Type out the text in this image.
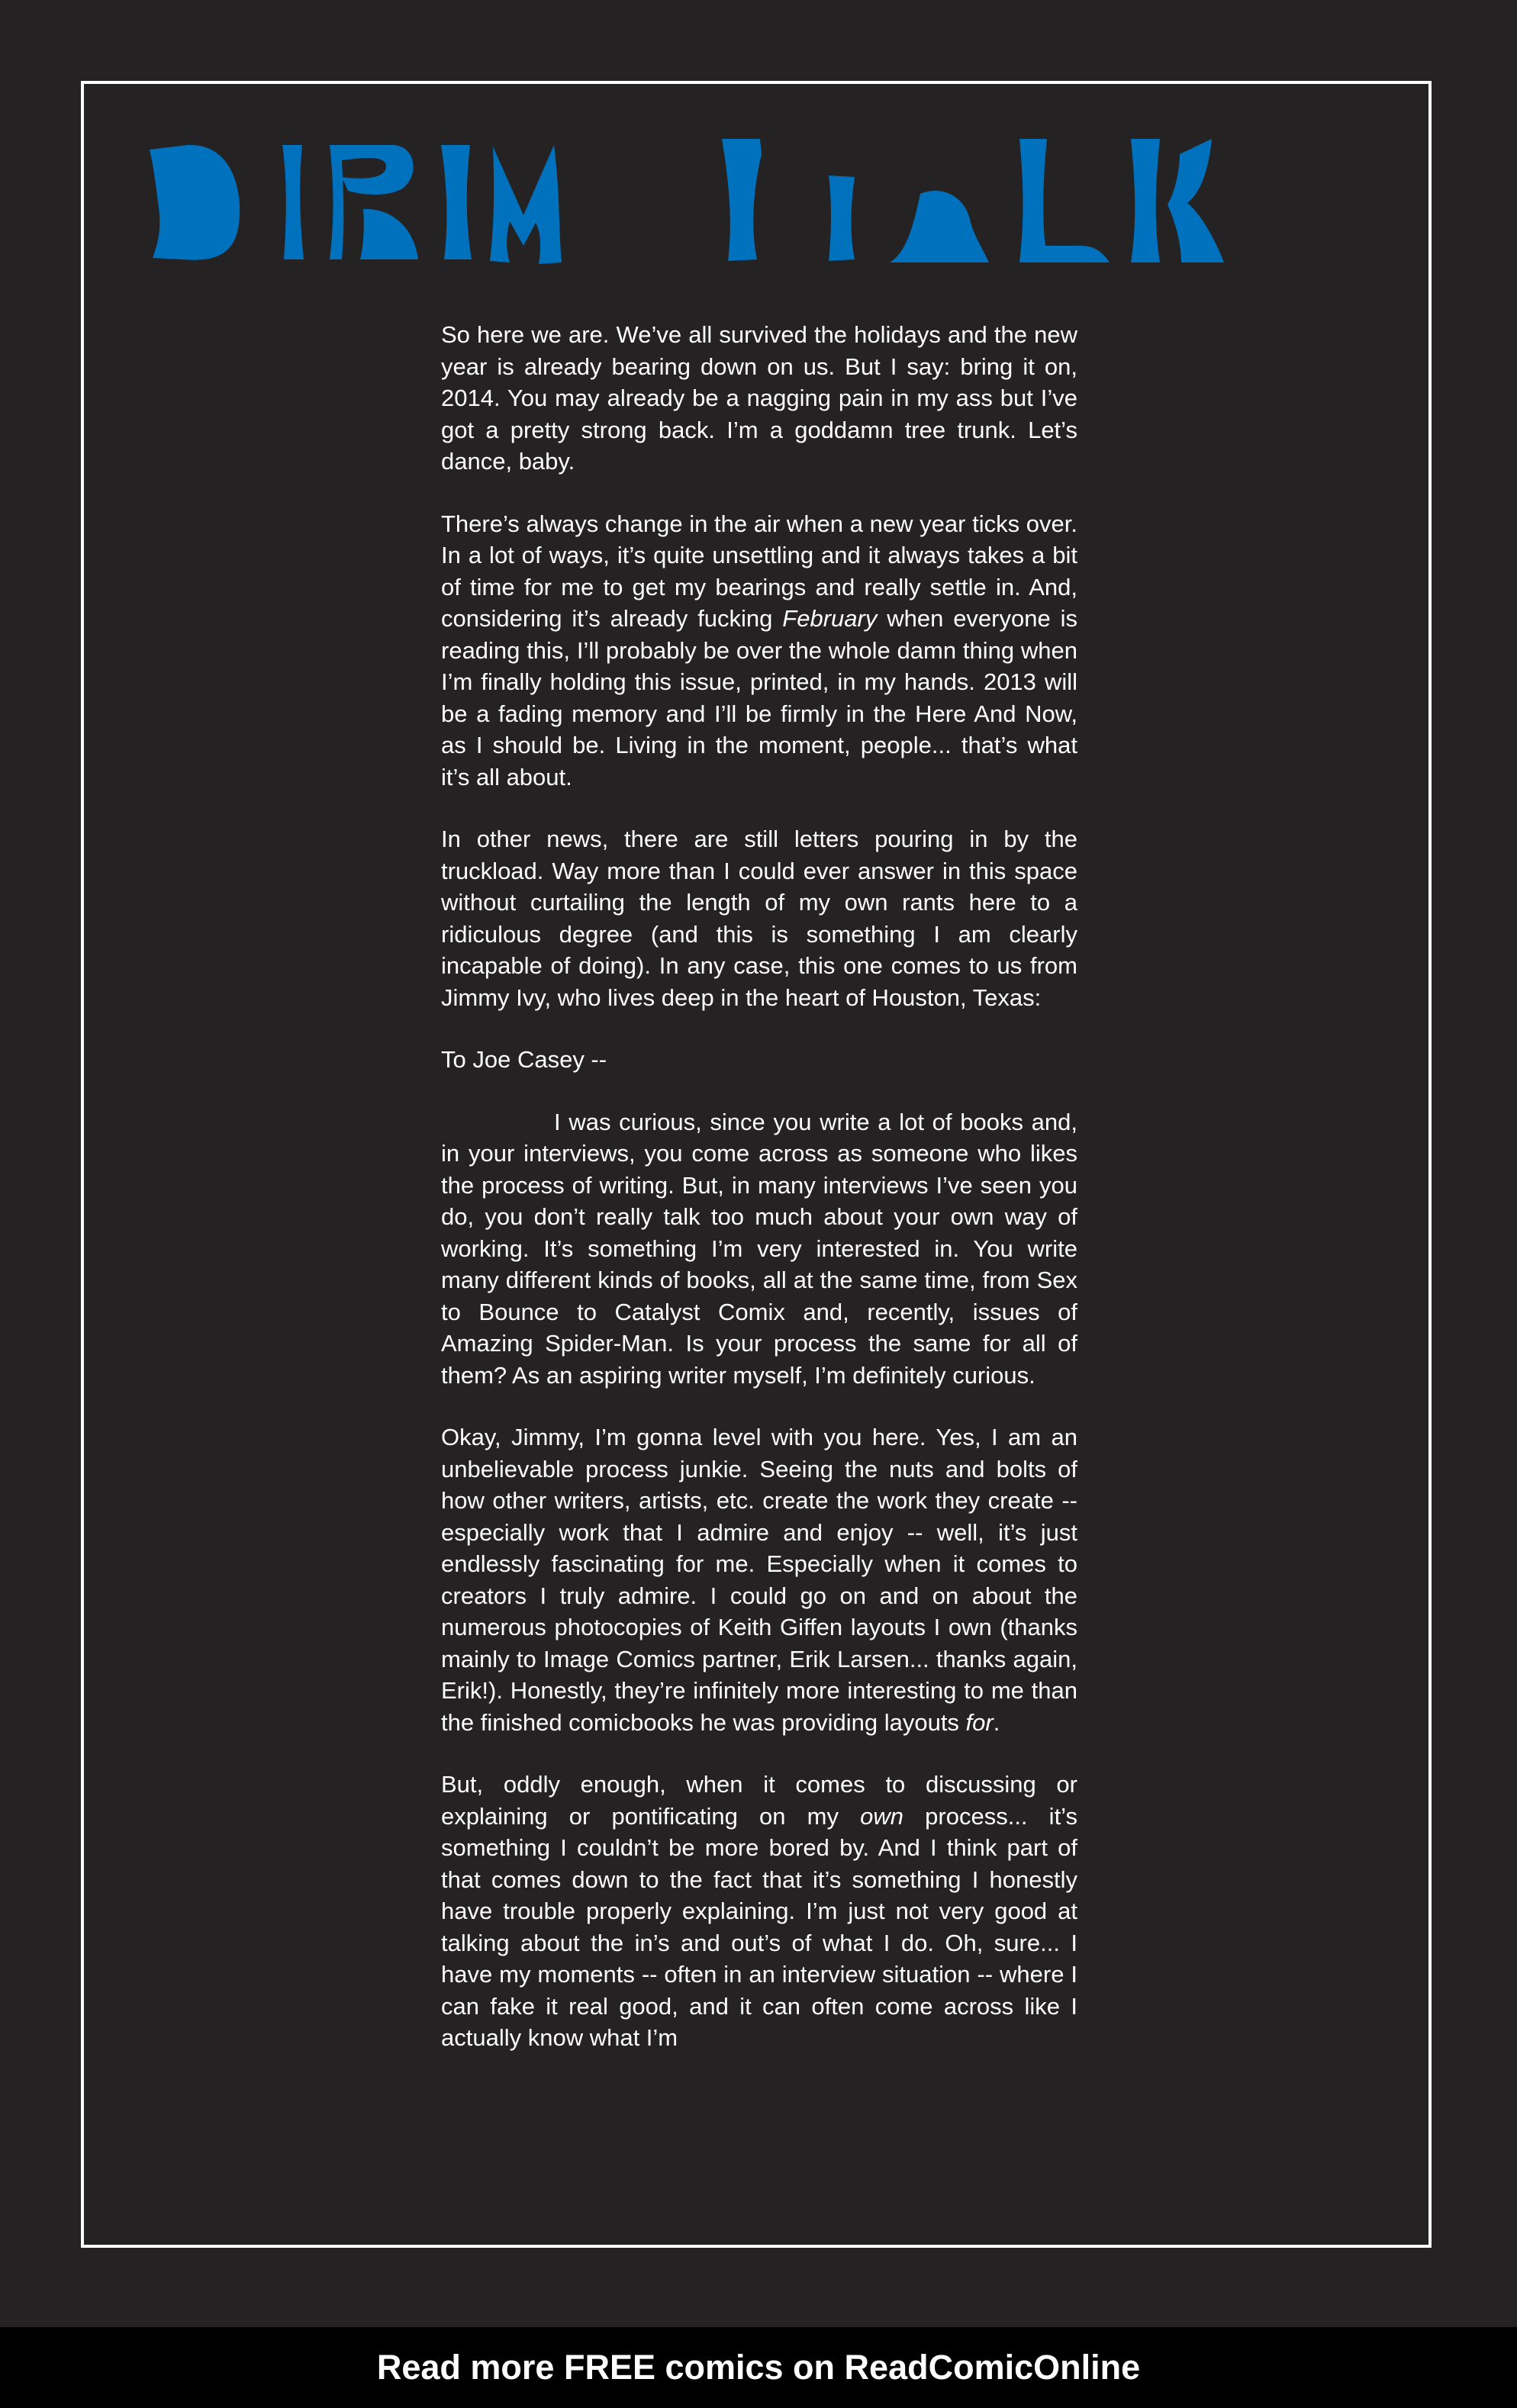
So here we are. We’ve all survived the holidays and the new year is already bearing down on us. But I say: bring it on, 2014. You may already be a nagging pain in my ass but I’ve got a pretty strong back. I’m a goddamn tree trunk. Let’s dance, baby.

There’s always change in the air when a new year ticks over. In a lot of ways, it’s quite unsettling and it always takes a bit of time for me to get my bearings and really settle in. And, considering it’s already fucking February when everyone is reading this, I’ll probably be over the whole damn thing when I’m finally holding this issue, printed, in my hands. 2013 will be a fading memory and I’ll be firmly in the Here And Now, as I should be. Living in the moment, people... that’s what it’s all about.

In other news, there are still letters pouring in by the truckload. Way more than I could ever answer in this space without curtailing the length of my own rants here to a ridiculous degree (and this is something I am clearly incapable of doing). In any case, this one comes to us from Jimmy Ivy, who lives deep in the heart of Houston, Texas:

To Joe Casey --

I was curious, since you write a lot of books and, in your interviews, you come across as someone who likes the process of writing. But, in many interviews I’ve seen you do, you don’t really talk too much about your own way of working. It’s something I’m very interested in. You write many different kinds of books, all at the same time, from Sex to Bounce to Catalyst Comix and, recently, issues of Amazing Spider-Man. Is your process the same for all of them? As an aspiring writer myself, I’m definitely curious.

Okay, Jimmy, I’m gonna level with you here. Yes, I am an unbelievable process junkie. Seeing the nuts and bolts of how other writers, artists, etc. create the work they create -- especially work that I admire and enjoy -- well, it’s just endlessly fascinating for me. Especially when it comes to creators I truly admire. I could go on and on about the numerous photocopies of Keith Giffen layouts I own (thanks mainly to Image Comics partner, Erik Larsen... thanks again, Erik!). Honestly, they’re infinitely more interesting to me than the finished comicbooks he was providing layouts for.

But, oddly enough, when it comes to discussing or explaining or pontificating on my own process... it’s something I couldn’t be more bored by. And I think part of that comes down to the fact that it’s something I honestly have trouble properly explaining. I’m just not very good at talking about the in’s and out’s of what I do. Oh, sure... I have my moments -- often in an interview situation -- where I can fake it real good, and it can often come across like I actually know what I’m

Read more FREE comics on ReadComicOnline
